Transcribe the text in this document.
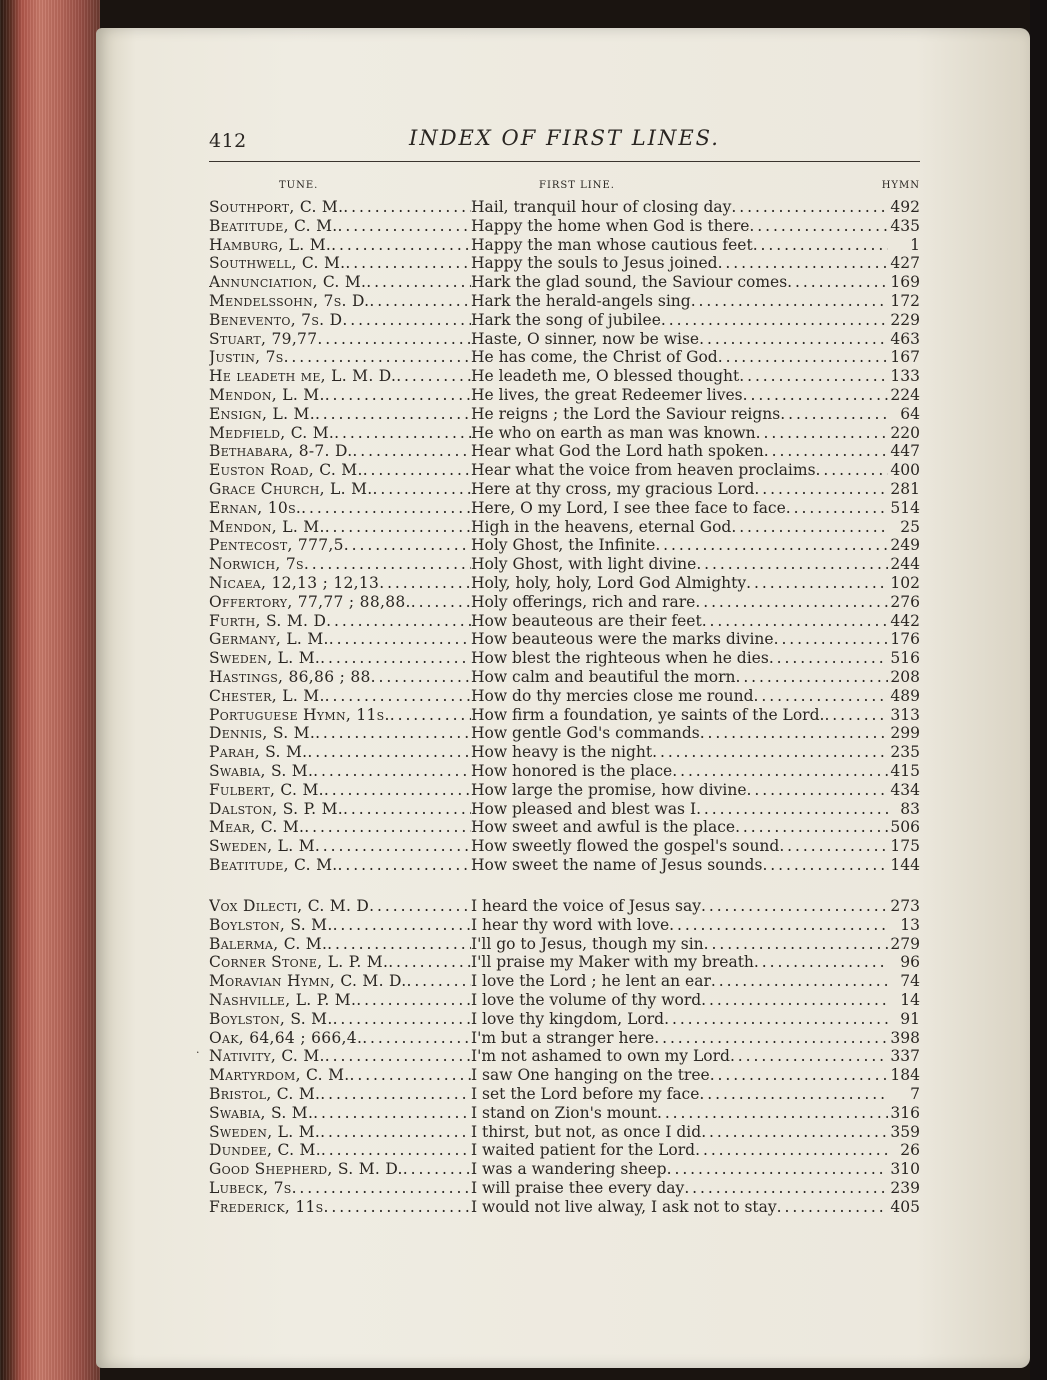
412	INDEX OF FIRST LINES.
TUNE.	FIRST LINE.	HYMN
Southport, C. M. . . .	Hail, tranquil hour of closing day . . .	492
Beatitude, C. M. . . .	Happy the home when God is there . . .	435
Hamburg, L. M. . . .	Happy the man whose cautious feet . . .	1
Southwell, C. M. . . .	Happy the souls to Jesus joined . . .	427
Annunciation, C. M. . . .	Hark the glad sound, the Saviour comes . . .	169
Mendelssohn, 7s. D. . . .	Hark the herald-angels sing . . .	172
Benevento, 7s. D . . .	Hark the song of jubilee . . .	229
Stuart, 79,77 . . .	Haste, O sinner, now be wise . . .	463
Justin, 7s . . .	He has come, the Christ of God . . .	167
He leadeth me, L. M. D. . . .	He leadeth me, O blessed thought . . .	133
Mendon, L. M. . . .	He lives, the great Redeemer lives . . .	224
Ensign, L. M. . . .	He reigns ; the Lord the Saviour reigns . . .	64
Medfield, C. M. . . .	He who on earth as man was known . . .	220
Bethabara, 8-7. D. . . .	Hear what God the Lord hath spoken . . .	447
Euston Road, C. M. . . .	Hear what the voice from heaven proclaims . . .	400
Grace Church, L. M. . . .	Here at thy cross, my gracious Lord . . .	281
Ernan, 10s. . . .	Here, O my Lord, I see thee face to face . . .	514
Mendon, L. M. . . .	High in the heavens, eternal God . . .	25
Pentecost, 777,5 . . .	Holy Ghost, the Infinite . . .	249
Norwich, 7s . . .	Holy Ghost, with light divine . . .	244
Nicaea, 12,13 ; 12,13 . . .	Holy, holy, holy, Lord God Almighty . . .	102
Offertory, 77,77 ; 88,88. . . .	Holy offerings, rich and rare . . .	276
Furth, S. M. D . . .	How beauteous are their feet . . .	442
Germany, L. M. . . .	How beauteous were the marks divine . . .	176
Sweden, L. M. . . .	How blest the righteous when he dies . . .	516
Hastings, 86,86 ; 88 . . .	How calm and beautiful the morn . . .	208
Chester, L. M. . . .	How do thy mercies close me round . . .	489
Portuguese Hymn, 11s. . . .	How firm a foundation, ye saints of the Lord. . . .	313
Dennis, S. M. . . .	How gentle God's commands . . .	299
Parah, S. M. . . .	How heavy is the night . . .	235
Swabia, S. M. . . .	How honored is the place . . .	415
Fulbert, C. M. . . .	How large the promise, how divine . . .	434
Dalston, S. P. M. . . .	How pleased and blest was I . . .	83
Mear, C. M. . . .	How sweet and awful is the place . . .	506
Sweden, L. M . . .	How sweetly flowed the gospel's sound . . .	175
Beatitude, C. M. . . .	How sweet the name of Jesus sounds . . .	144
Vox Dilecti, C. M. D . . .	I heard the voice of Jesus say . . .	273
Boylston, S. M. . . .	I hear thy word with love . . .	13
Balerma, C. M. . . .	I'll go to Jesus, though my sin . . .	279
Corner Stone, L. P. M. . . .	I'll praise my Maker with my breath . . .	96
Moravian Hymn, C. M. D. . . .	I love the Lord ; he lent an ear . . .	74
Nashville, L. P. M. . . .	I love the volume of thy word . . .	14
Boylston, S. M. . . .	I love thy kingdom, Lord . . .	91
Oak, 64,64 ; 666,4. . . .	I'm but a stranger here . . .	398
Nativity, C. M. . . .	I'm not ashamed to own my Lord . . .	337
Martyrdom, C. M. . . .	I saw One hanging on the tree . . .	184
Bristol, C. M. . . .	I set the Lord before my face . . .	7
Swabia, S. M. . . .	I stand on Zion's mount . . .	316
Sweden, L. M. . . .	I thirst, but not, as once I did . . .	359
Dundee, C. M. . . .	I waited patient for the Lord . . .	26
Good Shepherd, S. M. D. . . .	I was a wandering sheep . . .	310
Lubeck, 7s . . .	I will praise thee every day . . .	239
Frederick, 11s . . .	I would not live alway, I ask not to stay . . .	405
·
